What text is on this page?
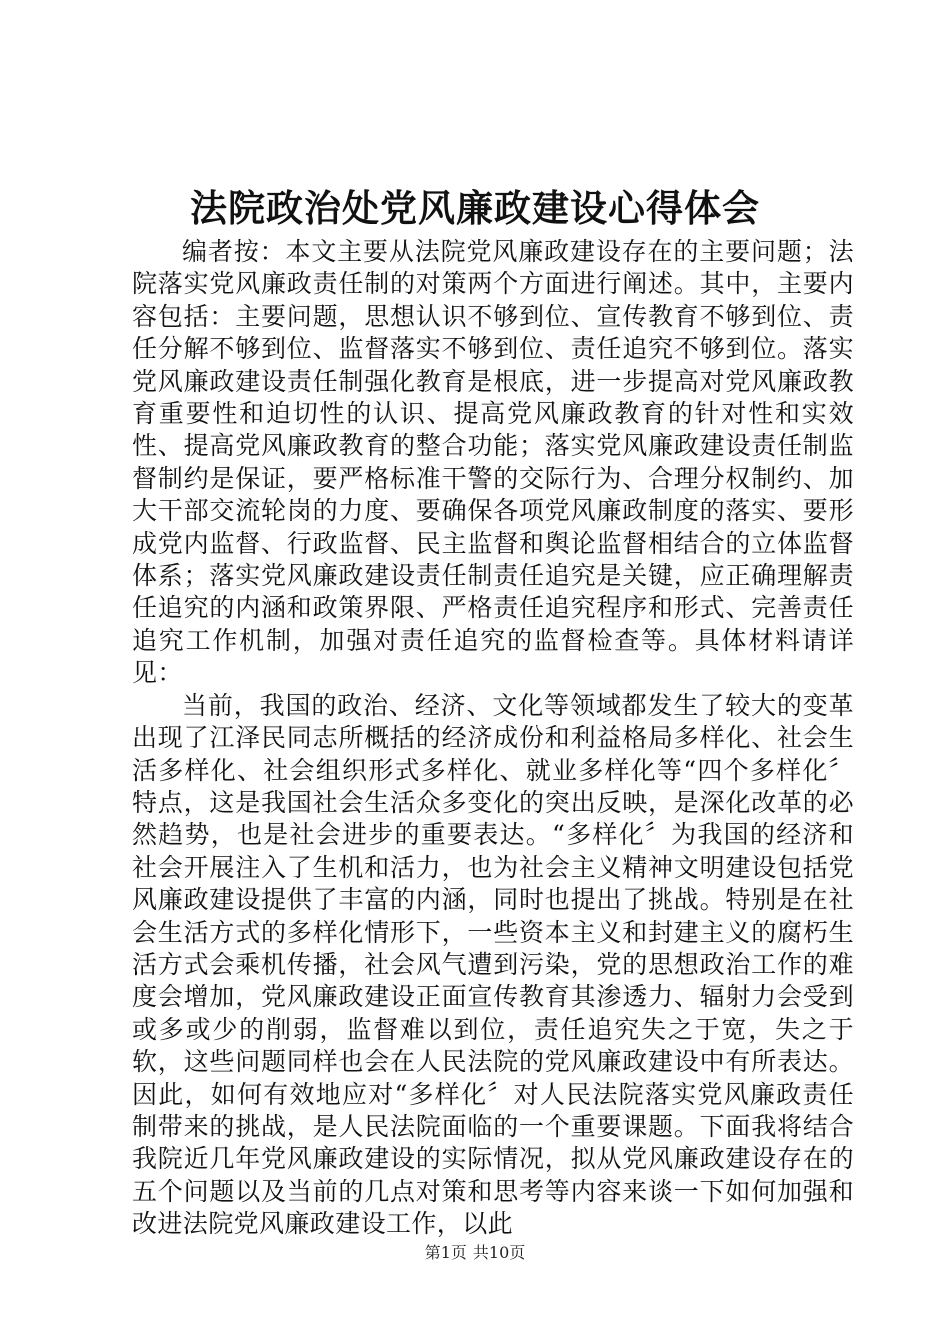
法院政治处党风廉政建设心得体会

编者按：本文主要从法院党风廉政建设存在的主要问题；法院落实党风廉政责任制的对策两个方面进行阐述。其中，主要内容包括：主要问题，思想认识不够到位、宣传教育不够到位、责任分解不够到位、监督落实不够到位、责任追究不够到位。落实党风廉政建设责任制强化教育是根底，进一步提高对党风廉政教育重要性和迫切性的认识、提高党风廉政教育的针对性和实效性、提高党风廉政教育的整合功能；落实党风廉政建设责任制监督制约是保证，要严格标准干警的交际行为、合理分权制约、加大干部交流轮岗的力度、要确保各项党风廉政制度的落实、要形成党内监督、行政监督、民主监督和舆论监督相结合的立体监督体系；落实党风廉政建设责任制责任追究是关键，应正确理解责任追究的内涵和政策界限、严格责任追究程序和形式、完善责任追究工作机制，加强对责任追究的监督检查等。具体材料请详见：

当前，我国的政治、经济、文化等领域都发生了较大的变革出现了江泽民同志所概括的经济成份和利益格局多样化、社会生活多样化、社会组织形式多样化、就业多样化等“四个多样化〞特点，这是我国社会生活众多变化的突出反映，是深化改革的必然趋势，也是社会进步的重要表达。“多样化〞为我国的经济和社会开展注入了生机和活力，也为社会主义精神文明建设包括党风廉政建设提供了丰富的内涵，同时也提出了挑战。特别是在社会生活方式的多样化情形下，一些资本主义和封建主义的腐朽生活方式会乘机传播，社会风气遭到污染，党的思想政治工作的难度会增加，党风廉政建设正面宣传教育其渗透力、辐射力会受到或多或少的削弱，监督难以到位，责任追究失之于宽，失之于软，这些问题同样也会在人民法院的党风廉政建设中有所表达。因此，如何有效地应对“多样化〞对人民法院落实党风廉政责任制带来的挑战，是人民法院面临的一个重要课题。下面我将结合我院近几年党风廉政建设的实际情况，拟从党风廉政建设存在的五个问题以及当前的几点对策和思考等内容来谈一下如何加强和改进法院党风廉政建设工作，以此

第1页 共10页
